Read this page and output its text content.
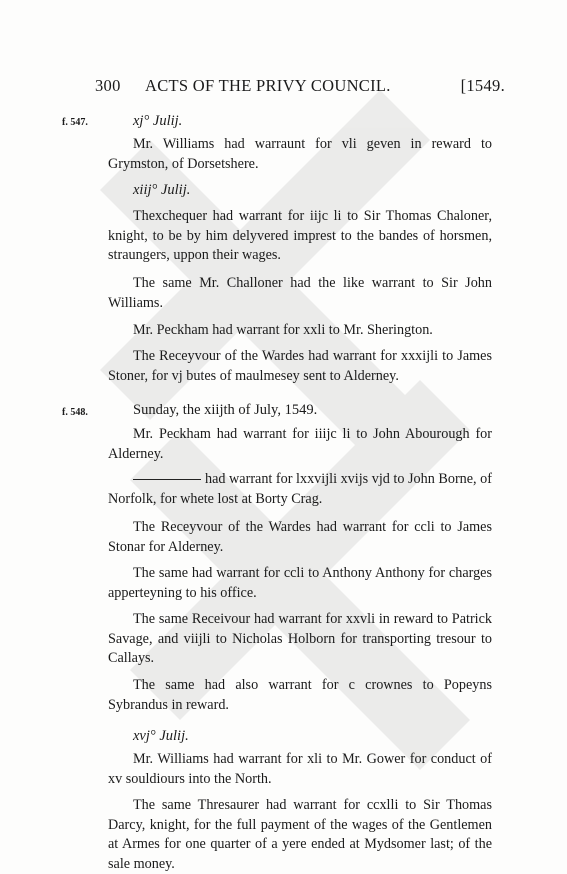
300 ACTS OF THE PRIVY COUNCIL.	[1549.
f. 547.	xj° Julij.
Mr. Williams had warraunt for vli geven in reward to Grymston, of Dorsetshere.
xiij° Julij.
Thexchequer had warrant for iijc li to Sir Thomas Chaloner, knight, to be by him delyvered imprest to the bandes of horsmen, straungers, uppon their wages.
The same Mr. Challoner had the like warrant to Sir John Williams.
Mr. Peckham had warrant for xxli to Mr. Sherington.
The Receyvour of the Wardes had warrant for xxxijli to James Stoner, for vj butes of maulmesey sent to Alderney.
f. 548.	Sunday, the xiijth of July, 1549.
Mr. Peckham had warrant for iiijc li to John Abourough for Alderney.
had warrant for lxxvijli xvijs vjd to John Borne, of Norfolk, for whete lost at Borty Crag.
The Receyvour of the Wardes had warrant for ccli to James Stonar for Alderney.
The same had warrant for ccli to Anthony Anthony for charges apperteyning to his office.
The same Receivour had warrant for xxvli in reward to Patrick Savage, and viijli to Nicholas Holborn for transporting tresour to Callays.
The same had also warrant for c crownes to Popeyns Sybrandus in reward.
xvj° Julij.
Mr. Williams had warrant for xli to Mr. Gower for conduct of xv souldiours into the North.
The same Thresaurer had warrant for ccxlli to Sir Thomas Darcy, knight, for the full payment of the wages of the Gentlemen at Armes for one quarter of a yere ended at Mydsomer last; of the sale money.
